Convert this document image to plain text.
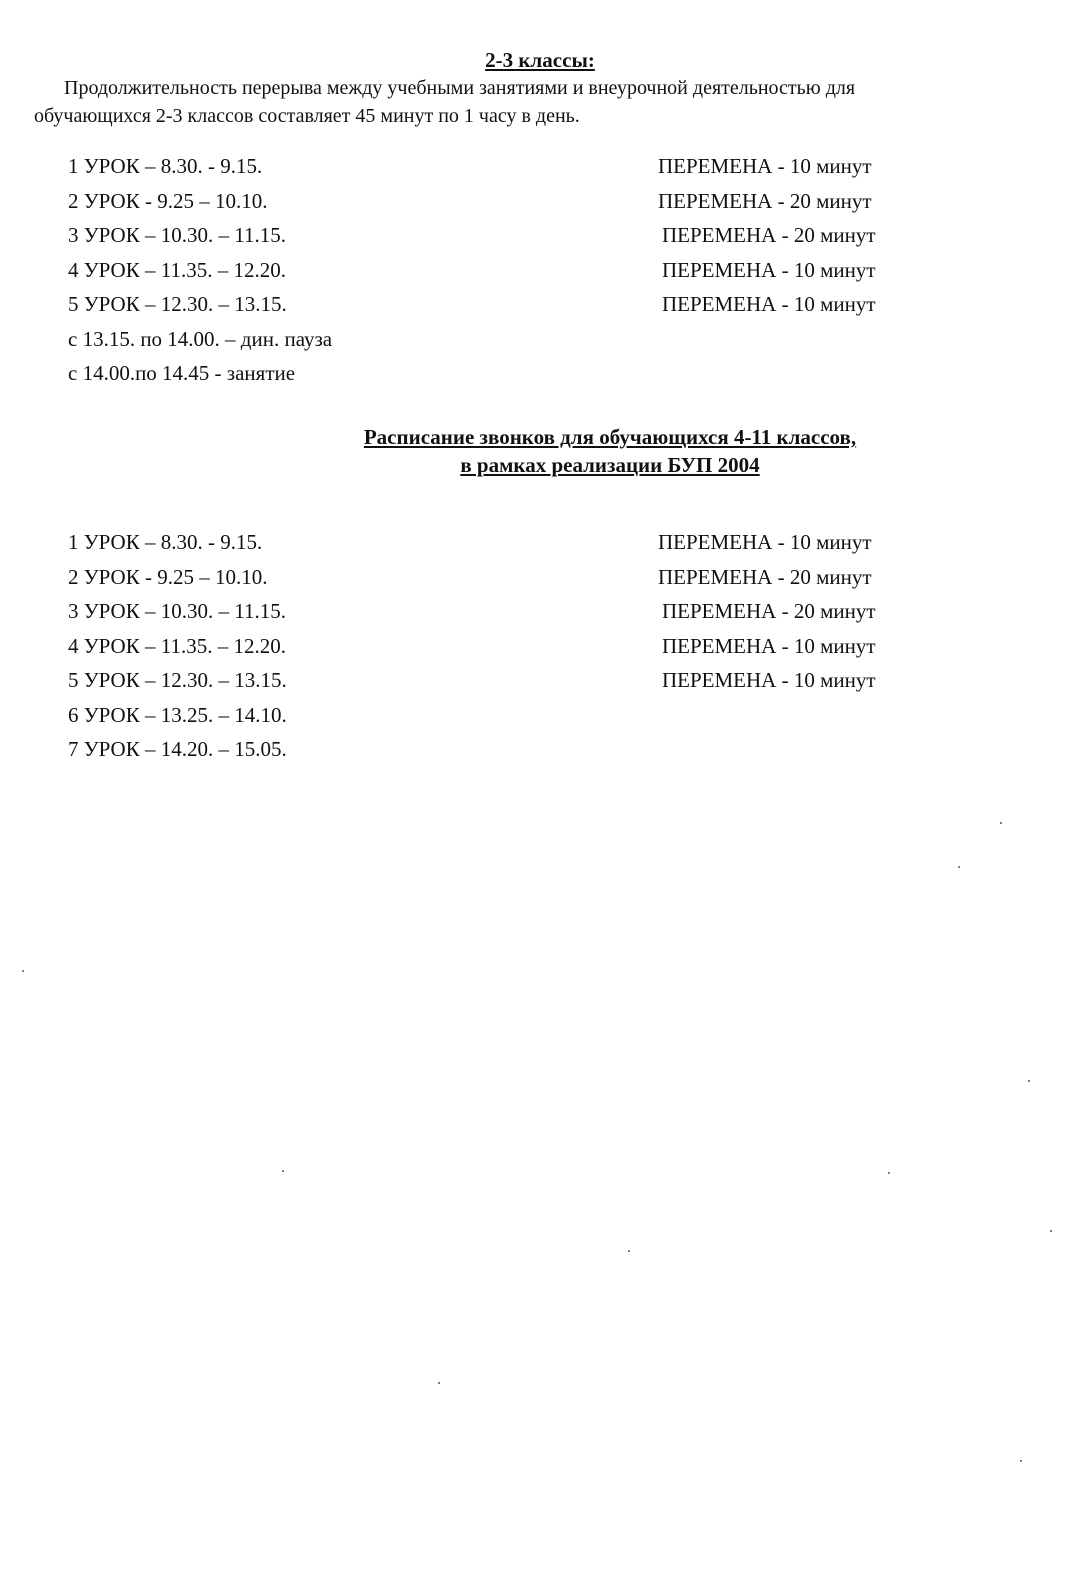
2-3 классы:
Продолжительность перерыва между учебными занятиями и внеурочной деятельностью для
обучающихся 2-3 классов составляет 45 минут по 1 часу в день.
1 УРОК – 8.30. - 9.15.	ПЕРЕМЕНА - 10 минут
2 УРОК - 9.25 – 10.10.	ПЕРЕМЕНА - 20 минут
3 УРОК – 10.30. – 11.15.	ПЕРЕМЕНА - 20 минут
4 УРОК – 11.35. – 12.20.	ПЕРЕМЕНА - 10 минут
5 УРОК – 12.30. – 13.15.	ПЕРЕМЕНА - 10 минут
с 13.15. по 14.00. – дин. пауза
с 14.00.по 14.45 - занятие
Расписание звонков для обучающихся 4-11 классов,
в рамках реализации БУП 2004
1 УРОК – 8.30. - 9.15.	ПЕРЕМЕНА - 10 минут
2 УРОК - 9.25 – 10.10.	ПЕРЕМЕНА - 20 минут
3 УРОК – 10.30. – 11.15.	ПЕРЕМЕНА - 20 минут
4 УРОК – 11.35. – 12.20.	ПЕРЕМЕНА - 10 минут
5 УРОК – 12.30. – 13.15.	ПЕРЕМЕНА - 10 минут
6 УРОК – 13.25. – 14.10.
7 УРОК – 14.20. – 15.05.
